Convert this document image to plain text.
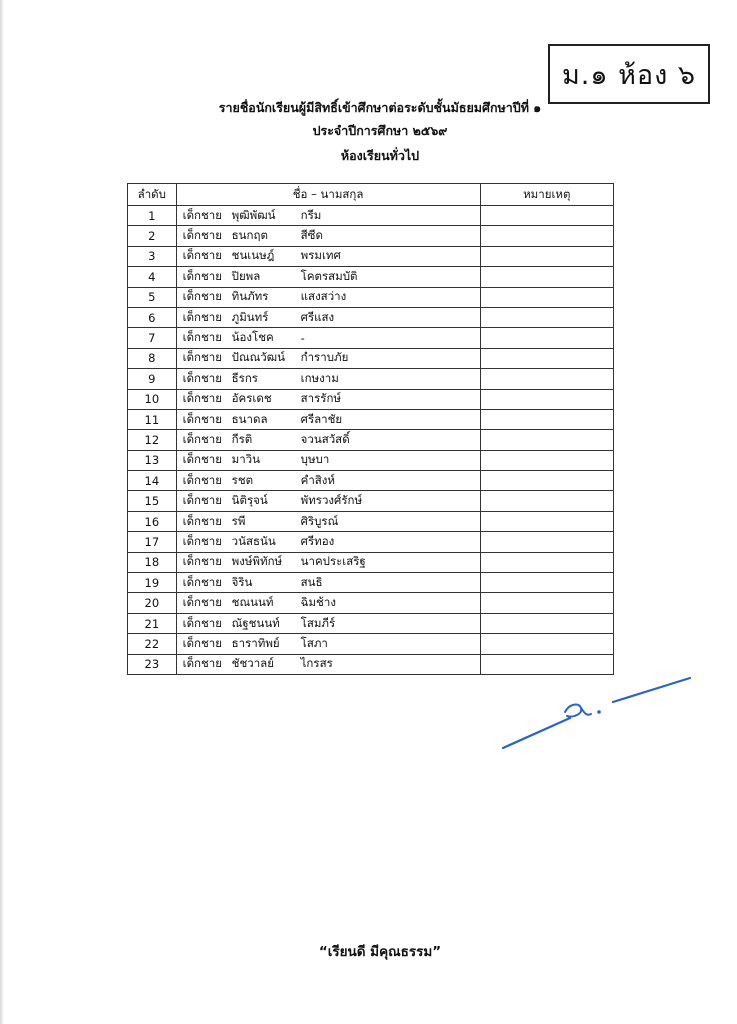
ม.๑ ห้อง ๖
รายชื่อนักเรียนผู้มีสิทธิ์เข้าศึกษาต่อระดับชั้นมัธยมศึกษาปีที่ ๑
ประจำปีการศึกษา ๒๕๖๙
ห้องเรียนทั่วไป
ลำดับ	ชื่อ – นามสกุล	หมายเหตุ
1	เด็กชาย พุฒิพัฒน์ กรีม	

2	เด็กชาย ธนกฤต สีซีด	

3	เด็กชาย ชนเนษฎ์ พรมเทศ	

4	เด็กชาย ปิยพล โคตรสมบัติ	

5	เด็กชาย ทินภัทร แสงสว่าง	

6	เด็กชาย ภูมินทร์ ศรีแสง	

7	เด็กชาย น้องโชค -	

8	เด็กชาย ปัณณวัฒน์ กำราบภัย	

9	เด็กชาย ธีรกร เกษงาม	

10	เด็กชาย อัครเดช สารรักษ์	

11	เด็กชาย ธนาดล ศรีลาชัย	

12	เด็กชาย กีรติ จวนสวัสดิ์	

13	เด็กชาย มาวิน บุษบา	

14	เด็กชาย รชต คำสิงห์	

15	เด็กชาย นิติรุจน์ พัทรวงศ์รักษ์	

16	เด็กชาย รพี ศิริบูรณ์	

17	เด็กชาย วนัสธนัน ศรีทอง	

18	เด็กชาย พงษ์พิทักษ์ นาคประเสริฐ	

19	เด็กชาย จิริน สนธิ	

20	เด็กชาย ชณนนท์ ฉิมช้าง	

21	เด็กชาย ณัฐชนนท์ โสมภีร์	

22	เด็กชาย ธาราทิพย์ โสภา	

23	เด็กชาย ชัชวาลย์ ไกรสร	

“เรียนดี มีคุณธรรม”
